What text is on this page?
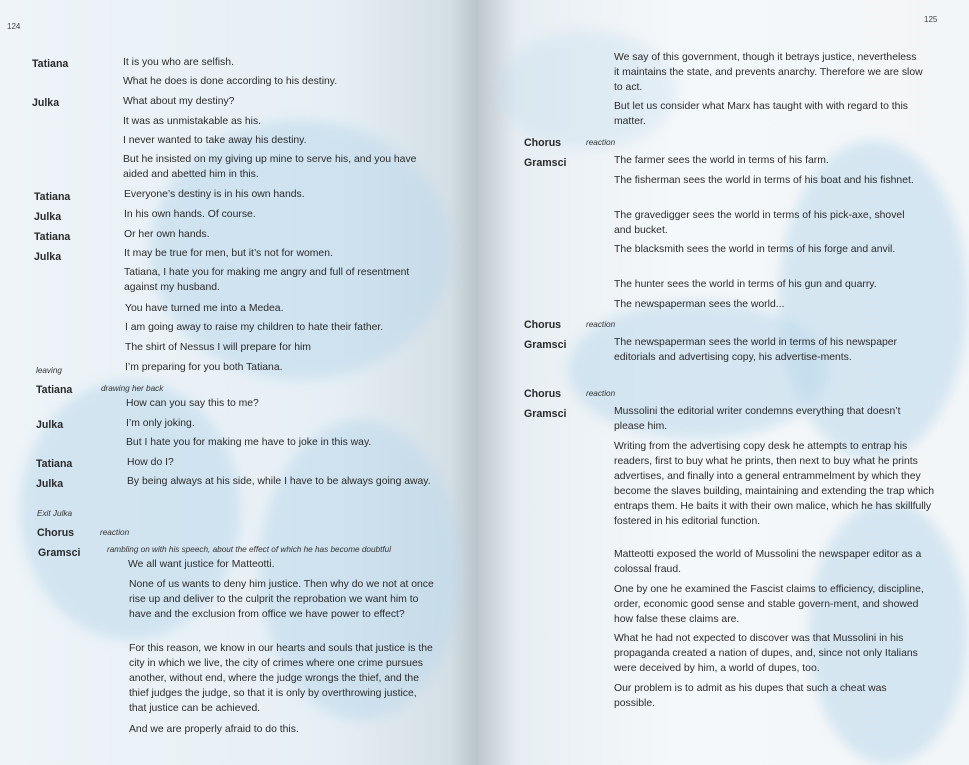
124

Tatiana	It is you who are selfish.

What he does is done according to his destiny.

Julka	What about my destiny?

It was as unmistakable as his.

I never wanted to take away his destiny.

But he insisted on my giving up mine to serve his, and you have aided and abetted him in this.

Tatiana	Everyone’s destiny is in his own hands.

Julka	In his own hands. Of course.

Tatiana	Or her own hands.

Julka	It may be true for men, but it’s not for women.

Tatiana, I hate you for making me angry and full of resentment against my husband.

You have turned me into a Medea.

I am going away to raise my children to hate their father.

The shirt of Nessus I will prepare for him

leaving	I’m preparing for you both Tatiana.

Tatiana	drawing her back

How can you say this to me?

Julka	I’m only joking.

But I hate you for making me have to joke in this way.

Tatiana	How do I?

Julka	By being always at his side, while I have to be always going away.

Exit Julka

Chorus	reaction

Gramsci	rambling on with his speech, about the effect of which he has become doubtful

We all want justice for Matteotti.

None of us wants to deny him justice. Then why do we not at once rise up and deliver to the culprit the reprobation we want him to have and the exclusion from office we have power to effect?

For this reason, we know in our hearts and souls that justice is the city in which we live, the city of crimes where one crime pursues another, without end, where the judge wrongs the thief, and the thief judges the judge, so that it is only by overthrowing justice, that justice can be achieved.

And we are properly afraid to do this.

125

We say of this government, though it betrays justice, nevertheless it maintains the state, and prevents anarchy. Therefore we are slow to act.

But let us consider what Marx has taught with with regard to this matter.

Chorus	reaction

Gramsci	The farmer sees the world in terms of his farm.

The fisherman sees the world in terms of his boat and his fishnet.

The gravedigger sees the world in terms of his pick-axe, shovel and bucket.

The blacksmith sees the world in terms of his forge and anvil.

The hunter sees the world in terms of his gun and quarry.

The newspaperman sees the world...

Chorus	reaction

Gramsci	The newspaperman sees the world in terms of his newspaper editorials and advertising copy, his advertise-ments.

Chorus	reaction

Gramsci	Mussolini the editorial writer condemns everything that doesn’t please him.

Writing from the advertising copy desk he attempts to entrap his readers, first to buy what he prints, then next to buy what he prints advertises, and finally into a general entrammelment by which they become the slaves building, maintaining and extending the trap which entraps them. He baits it with their own malice, which he has skillfully fostered in his editorial function.

Matteotti exposed the world of Mussolini the newspaper editor as a colossal fraud.

One by one he examined the Fascist claims to efficiency, discipline, order, economic good sense and stable govern-ment, and showed how false these claims are.

What he had not expected to discover was that Mussolini in his propaganda created a nation of dupes, and, since not only Italians were deceived by him, a world of dupes, too.

Our problem is to admit as his dupes that such a cheat was possible.
